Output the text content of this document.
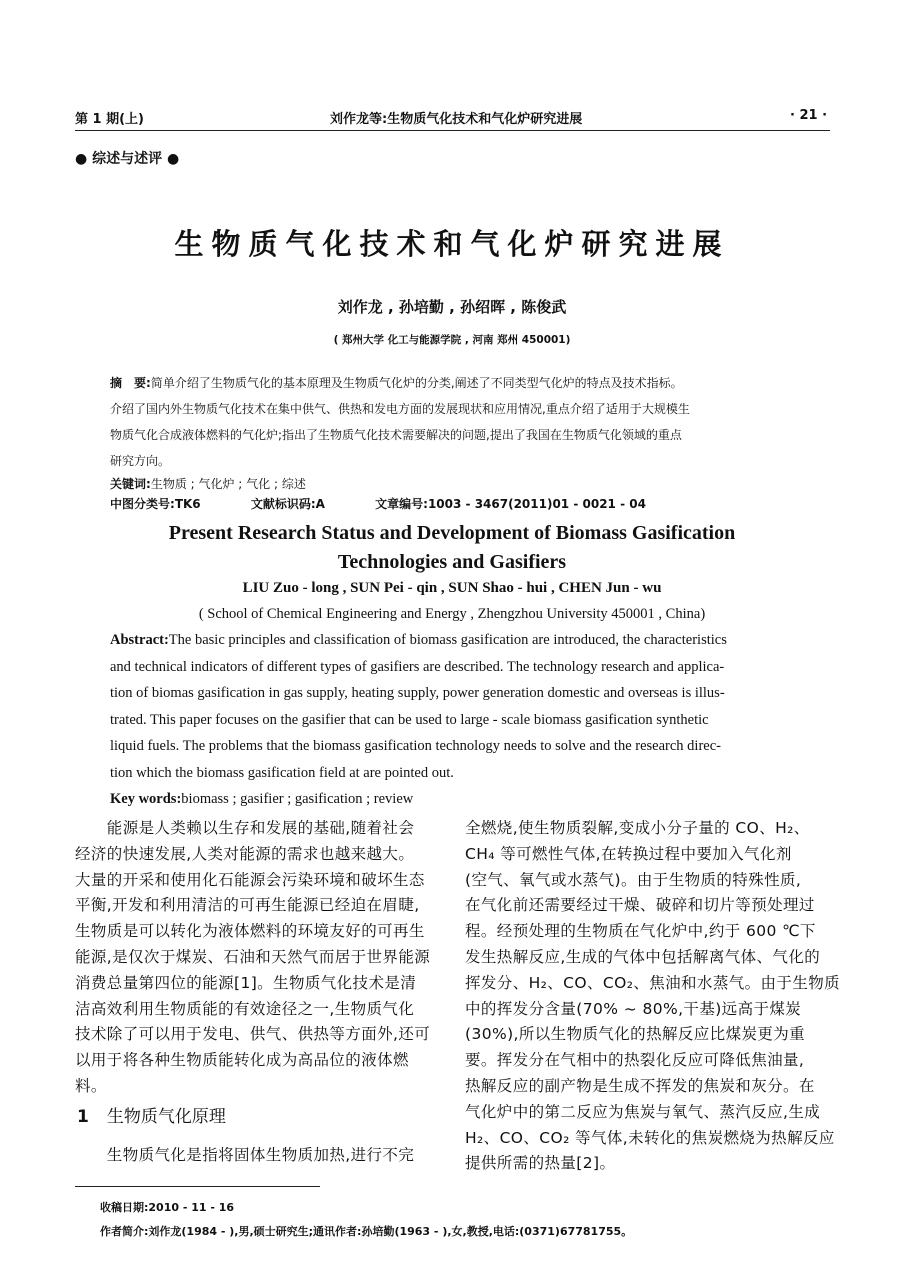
第 1 期(上)	刘作龙等:生物质气化技术和气化炉研究进展	· 21 ·
● 综述与述评 ●
生物质气化技术和气化炉研究进展
刘作龙 , 孙培勤 , 孙绍晖 , 陈俊武
( 郑州大学 化工与能源学院 , 河南 郑州 450001)
摘　要:简单介绍了生物质气化的基本原理及生物质气化炉的分类,阐述了不同类型气化炉的特点及技术指标。
介绍了国内外生物质气化技术在集中供气、供热和发电方面的发展现状和应用情况,重点介绍了适用于大规模生
物质气化合成液体燃料的气化炉;指出了生物质气化技术需要解决的问题,提出了我国在生物质气化领域的重点
研究方向。
关键词:生物质 ; 气化炉 ; 气化 ; 综述
中图分类号:TK6	文献标识码:A	文章编号:1003 - 3467(2011)01 - 0021 - 04
Present Research Status and Development of Biomass Gasification
Technologies and Gasifiers
LIU Zuo - long , SUN Pei - qin , SUN Shao - hui , CHEN Jun - wu
( School of Chemical Engineering and Energy , Zhengzhou University 450001 , China)
Abstract:The basic principles and classification of biomass gasification are introduced, the characteristics
and technical indicators of different types of gasifiers are described. The technology research and applica-
tion of biomas gasification in gas supply, heating supply, power generation domestic and overseas is illus-
trated. This paper focuses on the gasifier that can be used to large - scale biomass gasification synthetic
liquid fuels. The problems that the biomass gasification technology needs to solve and the research direc-
tion which the biomass gasification field at are pointed out.
Key words:biomass ; gasifier ; gasification ; review
　　能源是人类赖以生存和发展的基础,随着社会
经济的快速发展,人类对能源的需求也越来越大。
大量的开采和使用化石能源会污染环境和破坏生态
平衡,开发和利用清洁的可再生能源已经迫在眉睫,
生物质是可以转化为液体燃料的环境友好的可再生
能源,是仅次于煤炭、石油和天然气而居于世界能源
消费总量第四位的能源[1]。生物质气化技术是清
洁高效利用生物质能的有效途径之一,生物质气化
技术除了可以用于发电、供气、供热等方面外,还可
以用于将各种生物质能转化成为高品位的液体燃
料。
1 生物质气化原理
　　生物质气化是指将固体生物质加热,进行不完
全燃烧,使生物质裂解,变成小分子量的 CO、H₂、
CH₄ 等可燃性气体,在转换过程中要加入气化剂
(空气、氧气或水蒸气)。由于生物质的特殊性质,
在气化前还需要经过干燥、破碎和切片等预处理过
程。经预处理的生物质在气化炉中,约于 600 ℃下
发生热解反应,生成的气体中包括解离气体、气化的
挥发分、H₂、CO、CO₂、焦油和水蒸气。由于生物质
中的挥发分含量(70% ~ 80%,干基)远高于煤炭
(30%),所以生物质气化的热解反应比煤炭更为重
要。挥发分在气相中的热裂化反应可降低焦油量,
热解反应的副产物是生成不挥发的焦炭和灰分。在
气化炉中的第二反应为焦炭与氧气、蒸汽反应,生成
H₂、CO、CO₂ 等气体,未转化的焦炭燃烧为热解反应
提供所需的热量[2]。
收稿日期:2010 - 11 - 16
作者简介:刘作龙(1984 - ),男,硕士研究生;通讯作者:孙培勤(1963 - ),女,教授,电话:(0371)67781755。
